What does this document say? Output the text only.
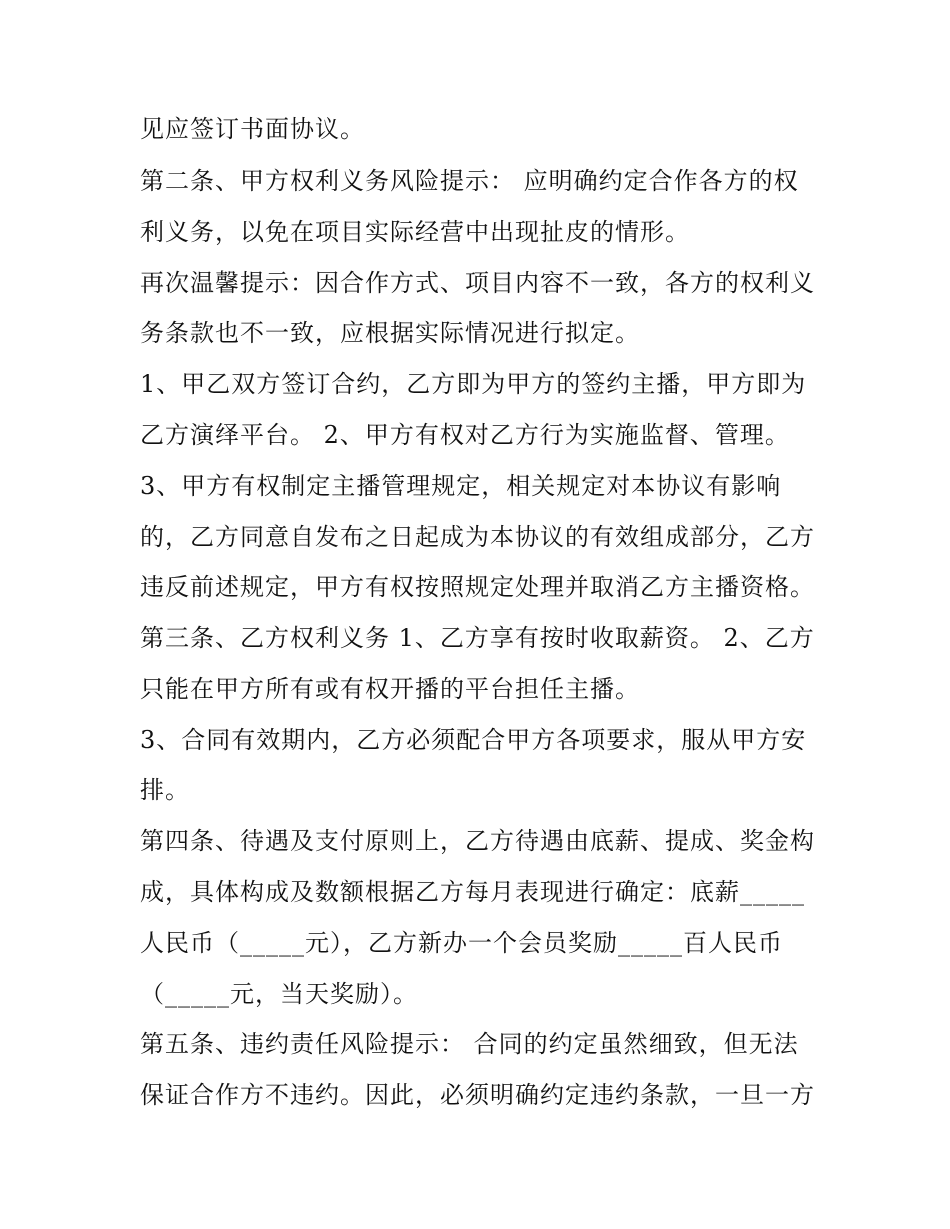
见应签订书面协议。

第二条、甲方权利义务风险提示： 应明确约定合作各方的权

利义务，以免在项目实际经营中出现扯皮的情形。

再次温馨提示：因合作方式、项目内容不一致，各方的权利义

务条款也不一致，应根据实际情况进行拟定。

1、甲乙双方签订合约，乙方即为甲方的签约主播，甲方即为

乙方演绎平台。 2、甲方有权对乙方行为实施监督、管理。

3、甲方有权制定主播管理规定，相关规定对本协议有影响

的，乙方同意自发布之日起成为本协议的有效组成部分，乙方

违反前述规定，甲方有权按照规定处理并取消乙方主播资格。

第三条、乙方权利义务 1、乙方享有按时收取薪资。 2、乙方

只能在甲方所有或有权开播的平台担任主播。

3、合同有效期内，乙方必须配合甲方各项要求，服从甲方安

排。

第四条、待遇及支付原则上，乙方待遇由底薪、提成、奖金构

成，具体构成及数额根据乙方每月表现进行确定：底薪_____

人民币（_____元），乙方新办一个会员奖励_____百人民币

（_____元，当天奖励）。

第五条、违约责任风险提示： 合同的约定虽然细致，但无法

保证合作方不违约。因此，必须明确约定违约条款，一旦一方
